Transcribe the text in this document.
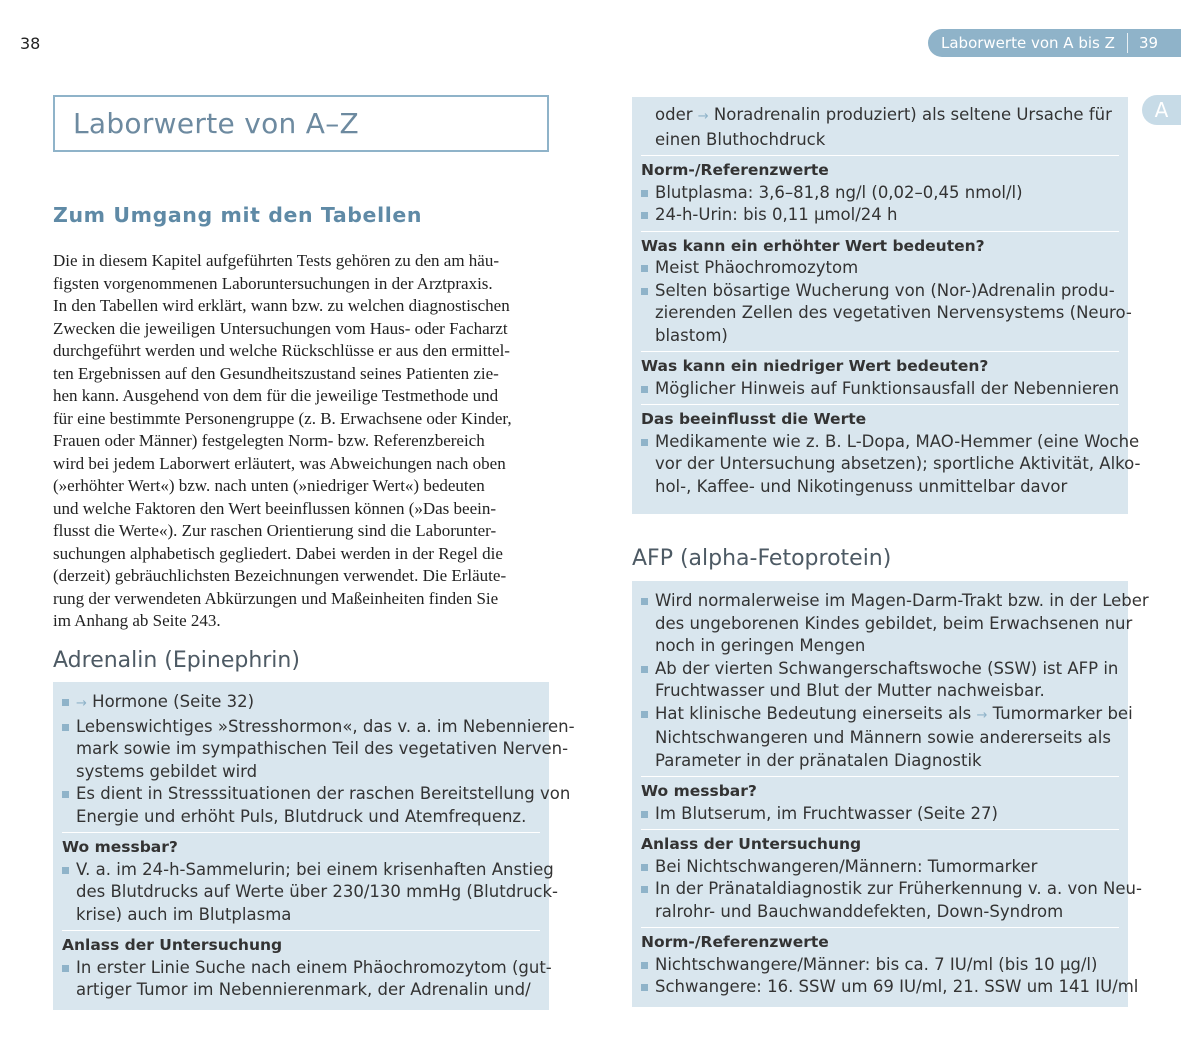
38	Laborwerte von A bis Z	39
A
Laborwerte von A–Z
Zum Umgang mit den Tabellen
Die in diesem Kapitel aufgeführten Tests gehören zu den am häu-
figsten vorgenommenen Laboruntersuchungen in der Arztpraxis.
In den Tabellen wird erklärt, wann bzw. zu welchen diagnostischen
Zwecken die jeweiligen Untersuchungen vom Haus- oder Facharzt
durchgeführt werden und welche Rückschlüsse er aus den ermittel-
ten Ergebnissen auf den Gesundheitszustand seines Patienten zie-
hen kann. Ausgehend von dem für die jeweilige Testmethode und
für eine bestimmte Personengruppe (z. B. Erwachsene oder Kinder,
Frauen oder Männer) festgelegten Norm- bzw. Referenzbereich
wird bei jedem Laborwert erläutert, was Abweichungen nach oben
(»erhöhter Wert«) bzw. nach unten (»niedriger Wert«) bedeuten
und welche Faktoren den Wert beeinflussen können (»Das beein-
flusst die Werte«). Zur raschen Orientierung sind die Laborunter-
suchungen alphabetisch gegliedert. Dabei werden in der Regel die
(derzeit) gebräuchlichsten Bezeichnungen verwendet. Die Erläute-
rung der verwendeten Abkürzungen und Maßeinheiten finden Sie
im Anhang ab Seite 243.
Adrenalin (Epinephrin)
→ Hormone (Seite 32)
Lebenswichtiges »Stresshormon«, das v. a. im Nebennieren-
mark sowie im sympathischen Teil des vegetativen Nerven-
systems gebildet wird
Es dient in Stresssituationen der raschen Bereitstellung von
Energie und erhöht Puls, Blutdruck und Atemfrequenz.
Wo messbar?
V. a. im 24-h-Sammelurin; bei einem krisenhaften Anstieg
des Blutdrucks auf Werte über 230/130 mmHg (Blutdruck-
krise) auch im Blutplasma
Anlass der Untersuchung
In erster Linie Suche nach einem Phäochromozytom (gut-
artiger Tumor im Nebennierenmark, der Adrenalin und/
oder → Noradrenalin produziert) als seltene Ursache für
einen Bluthochdruck
Norm-/Referenzwerte
Blutplasma: 3,6–81,8 ng/l (0,02–0,45 nmol/l)
24-h-Urin: bis 0,11 µmol/24 h
Was kann ein erhöhter Wert bedeuten?
Meist Phäochromozytom
Selten bösartige Wucherung von (Nor-)Adrenalin produ-
zierenden Zellen des vegetativen Nervensystems (Neuro-
blastom)
Was kann ein niedriger Wert bedeuten?
Möglicher Hinweis auf Funktionsausfall der Nebennieren
Das beeinflusst die Werte
Medikamente wie z. B. L-Dopa, MAO-Hemmer (eine Woche
vor der Untersuchung absetzen); sportliche Aktivität, Alko-
hol-, Kaffee- und Nikotingenuss unmittelbar davor
AFP (alpha-Fetoprotein)
Wird normalerweise im Magen-Darm-Trakt bzw. in der Leber
des ungeborenen Kindes gebildet, beim Erwachsenen nur
noch in geringen Mengen
Ab der vierten Schwangerschaftswoche (SSW) ist AFP in
Fruchtwasser und Blut der Mutter nachweisbar.
Hat klinische Bedeutung einerseits als → Tumormarker bei
Nichtschwangeren und Männern sowie andererseits als
Parameter in der pränatalen Diagnostik
Wo messbar?
Im Blutserum, im Fruchtwasser (Seite 27)
Anlass der Untersuchung
Bei Nichtschwangeren/Männern: Tumormarker
In der Pränataldiagnostik zur Früherkennung v. a. von Neu-
ralrohr- und Bauchwanddefekten, Down-Syndrom
Norm-/Referenzwerte
Nichtschwangere/Männer: bis ca. 7 IU/ml (bis 10 µg/l)
Schwangere: 16. SSW um 69 IU/ml, 21. SSW um 141 IU/ml
